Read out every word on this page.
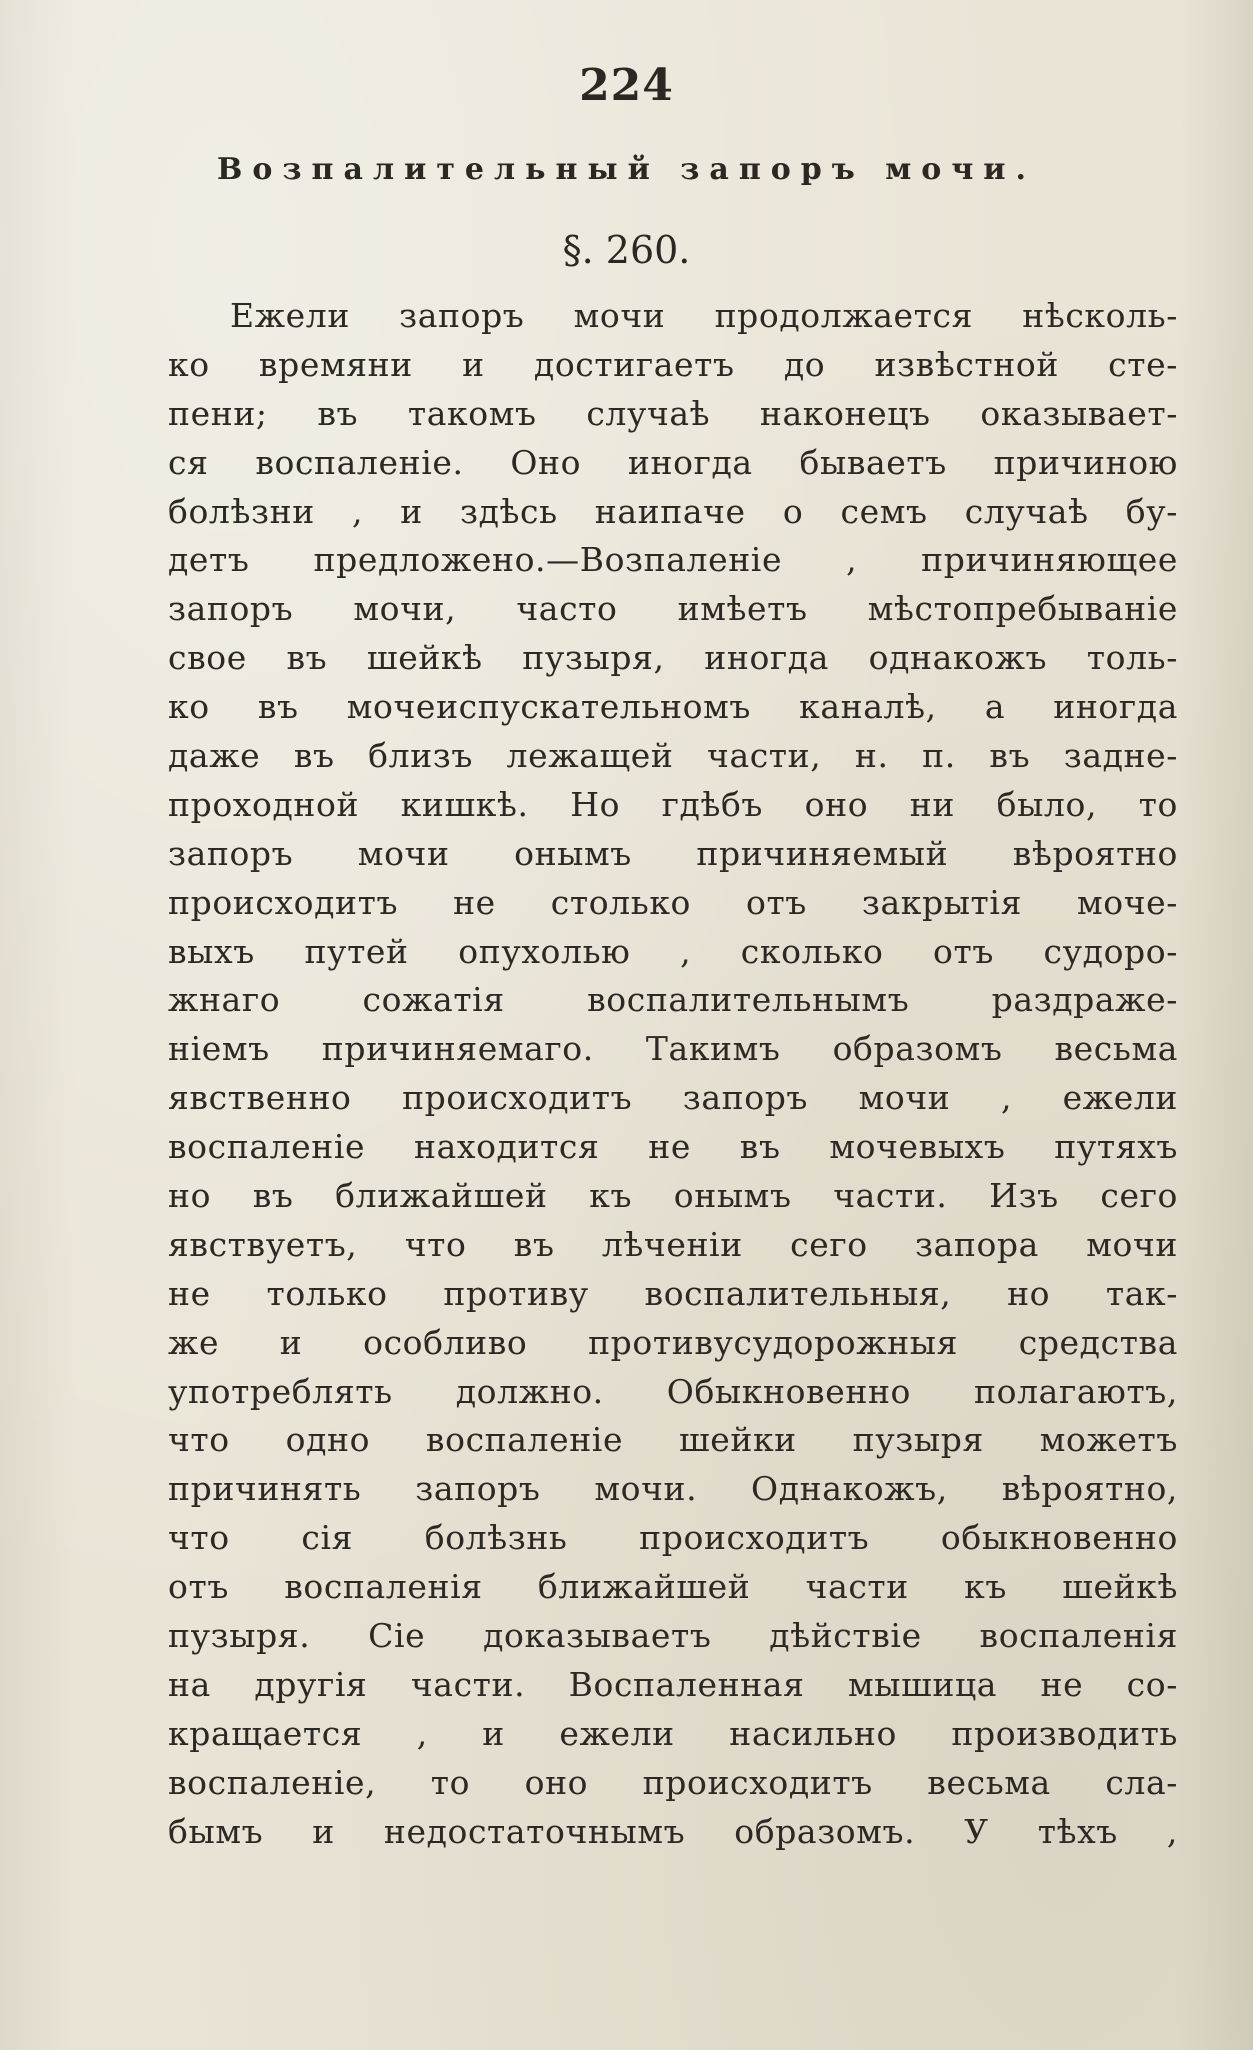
224
Возпалительный запоръ мочи.
§. 260.
Ежели запоръ мочи продолжается нѣсколь-
ко времяни и достигаетъ до извѣстной сте-
пени; въ такомъ случаѣ наконецъ оказывает-
ся воспаленіе. Оно иногда бываетъ причиною
болѣзни , и здѣсь наипаче о семъ случаѣ бу-
детъ предложено.—Возпаленіе , причиняющее
запоръ мочи, часто имѣетъ мѣстопребываніе
свое въ шейкѣ пузыря, иногда однакожъ толь-
ко въ мочеиспускательномъ каналѣ, а иногда
даже въ близъ лежащей части, н. п. въ задне-
проходной кишкѣ. Но гдѣбъ оно ни было, то
запоръ мочи онымъ причиняемый вѣроятно
происходитъ не столько отъ закрытія моче-
выхъ путей опухолью , сколько отъ судоро-
жнаго сожатія воспалительнымъ раздраже-
ніемъ причиняемаго. Такимъ образомъ весьма
явственно происходитъ запоръ мочи , ежели
воспаленіе находится не въ мочевыхъ путяхъ
но въ ближайшей къ онымъ части. Изъ сего
явствуетъ, что въ лѣченіи сего запора мочи
не только противу воспалительныя, но так-
же и особливо противусудорожныя средства
употреблять должно. Обыкновенно полагаютъ,
что одно воспаленіе шейки пузыря можетъ
причинять запоръ мочи. Однакожъ, вѣроятно,
что сія болѣзнь происходитъ обыкновенно
отъ воспаленія ближайшей части къ шейкѣ
пузыря. Сіе доказываетъ дѣйствіе воспаленія
на другія части. Воспаленная мышица не со-
кращается , и ежели насильно производить
воспаленіе, то оно происходитъ весьма сла-
бымъ и недостаточнымъ образомъ. У тѣхъ ,
